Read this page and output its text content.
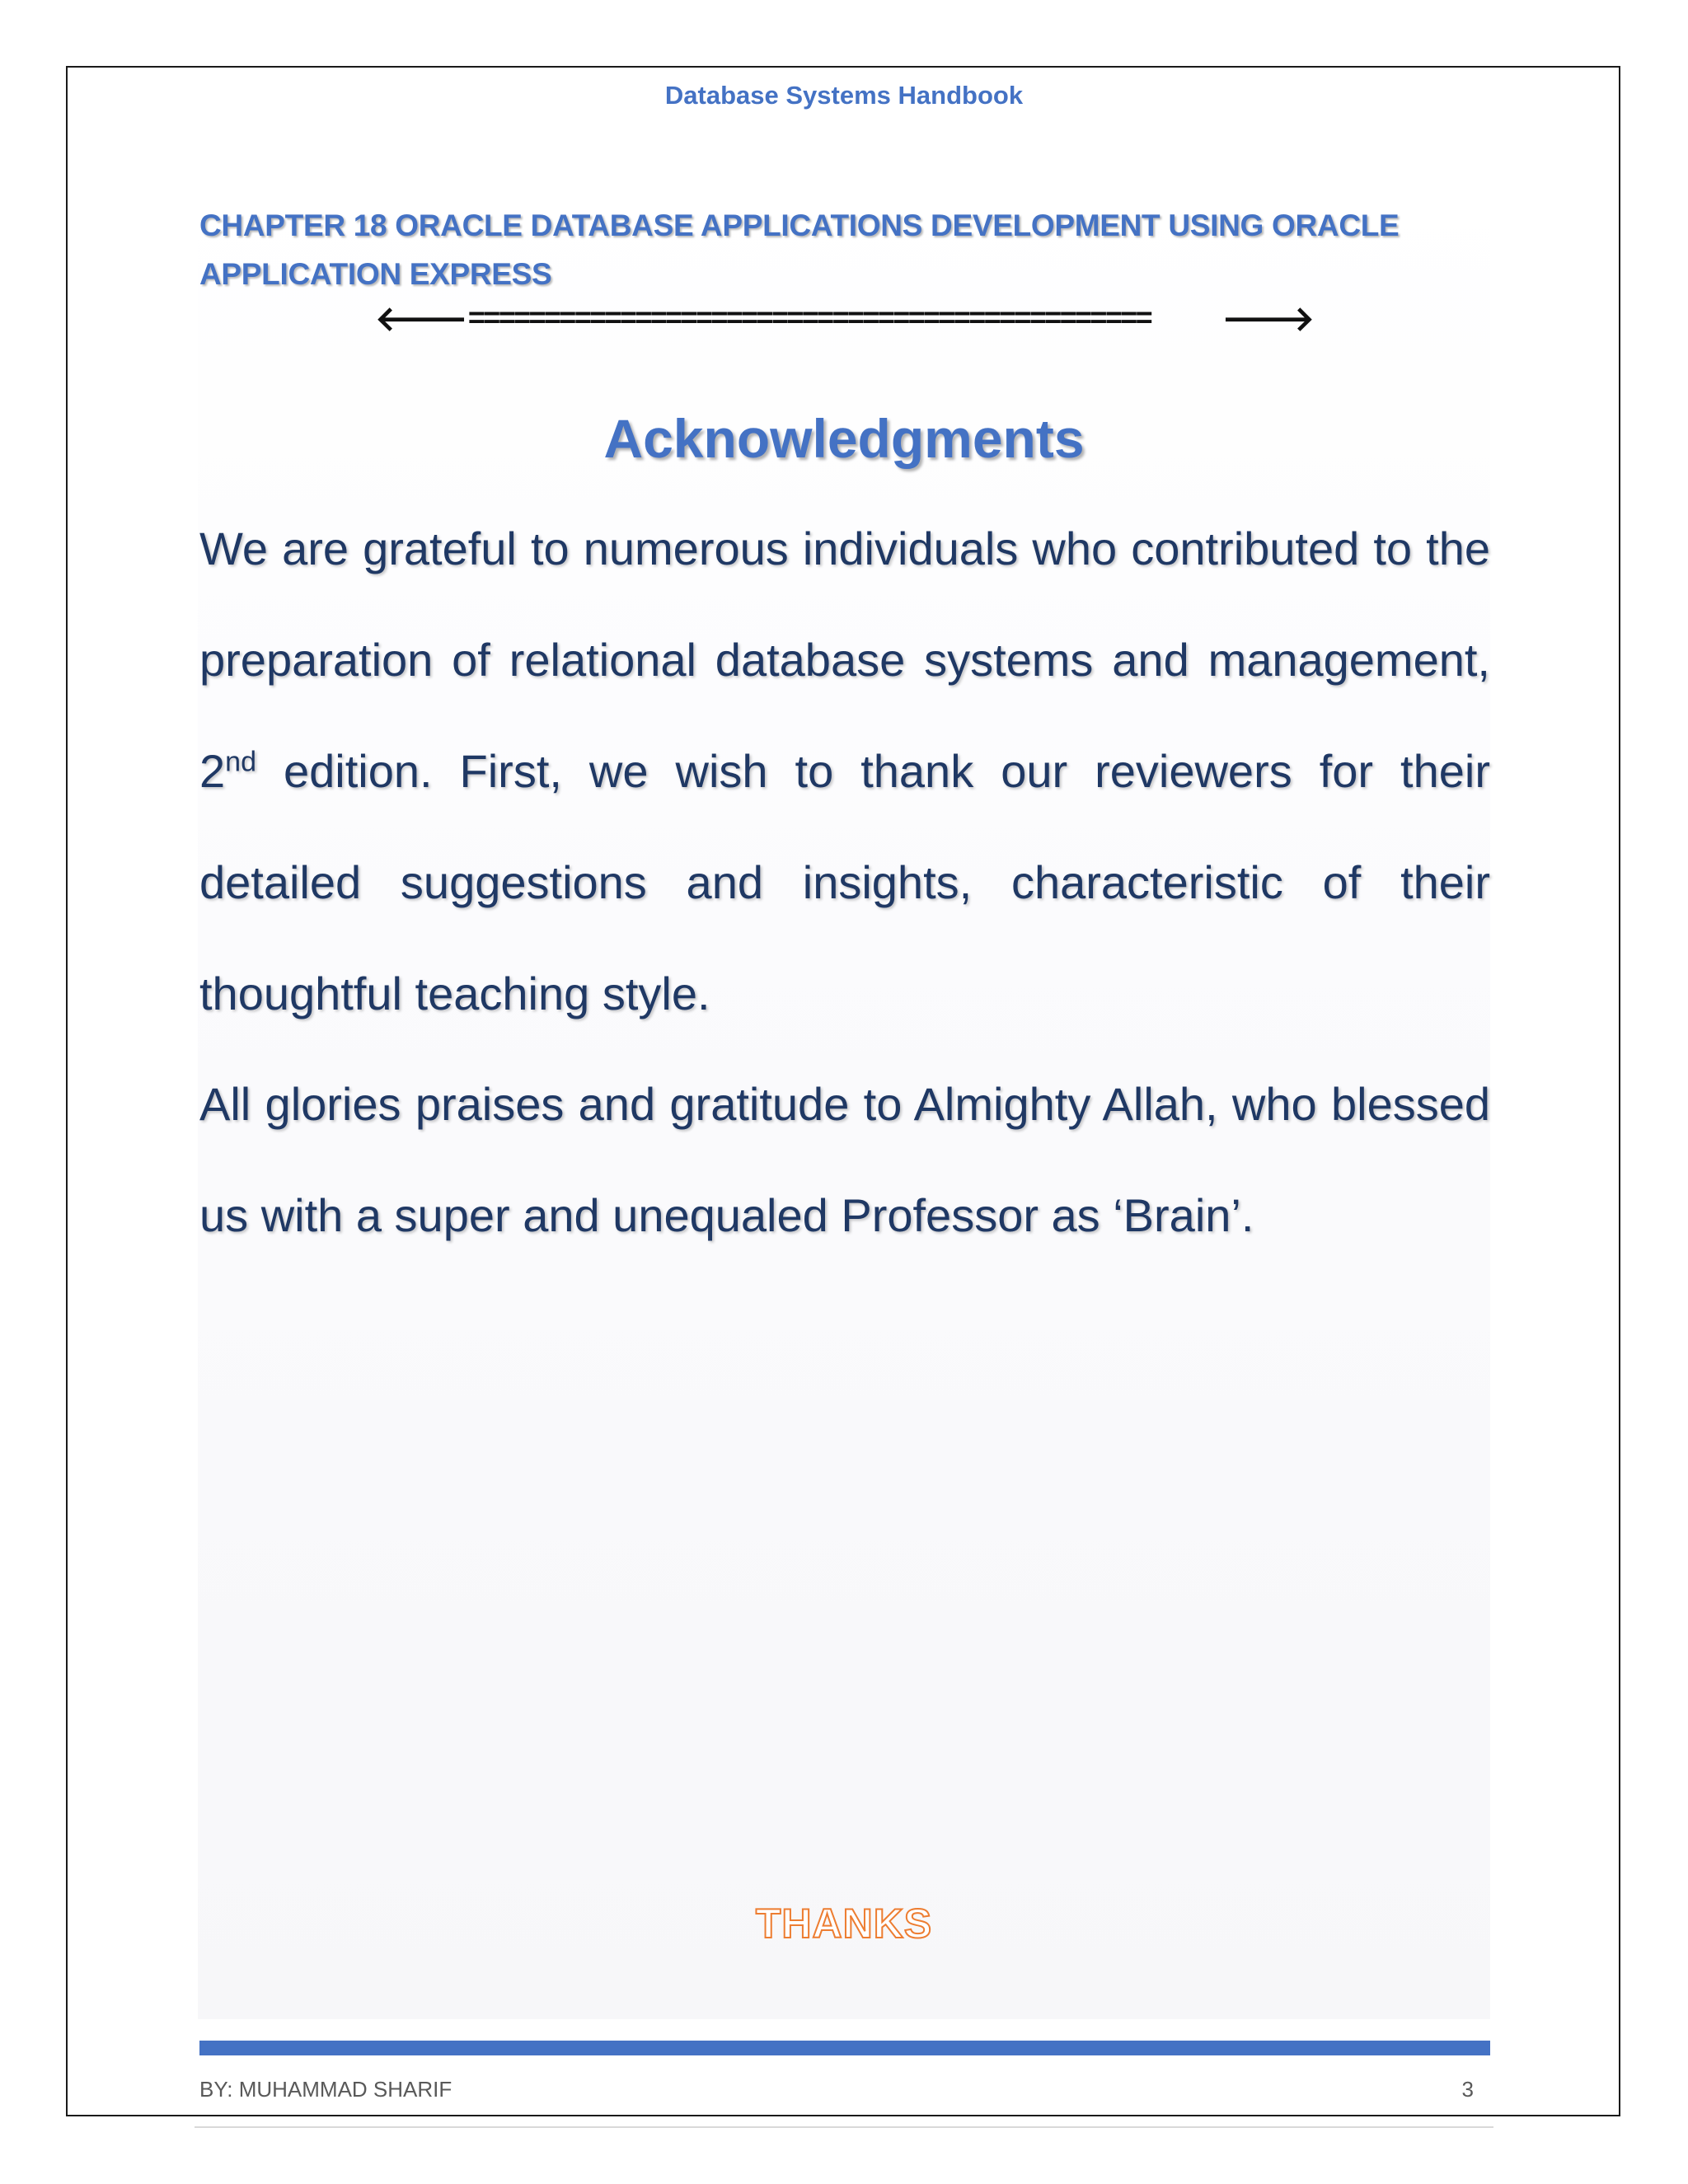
Database Systems Handbook
CHAPTER 18 ORACLE DATABASE APPLICATIONS DEVELOPMENT USING ORACLE APPLICATION EXPRESS
🡐 =============================================	🡒
Acknowledgments
We are grateful to numerous individuals who contributed to the preparation of relational database systems and management, 2nd edition. First, we wish to thank our reviewers for their detailed suggestions and insights, characteristic of their thoughtful teaching style.
All glories praises and gratitude to Almighty Allah, who blessed us with a super and unequaled Professor as ‘Brain’.
THANKS
BY: MUHAMMAD SHARIF	3
